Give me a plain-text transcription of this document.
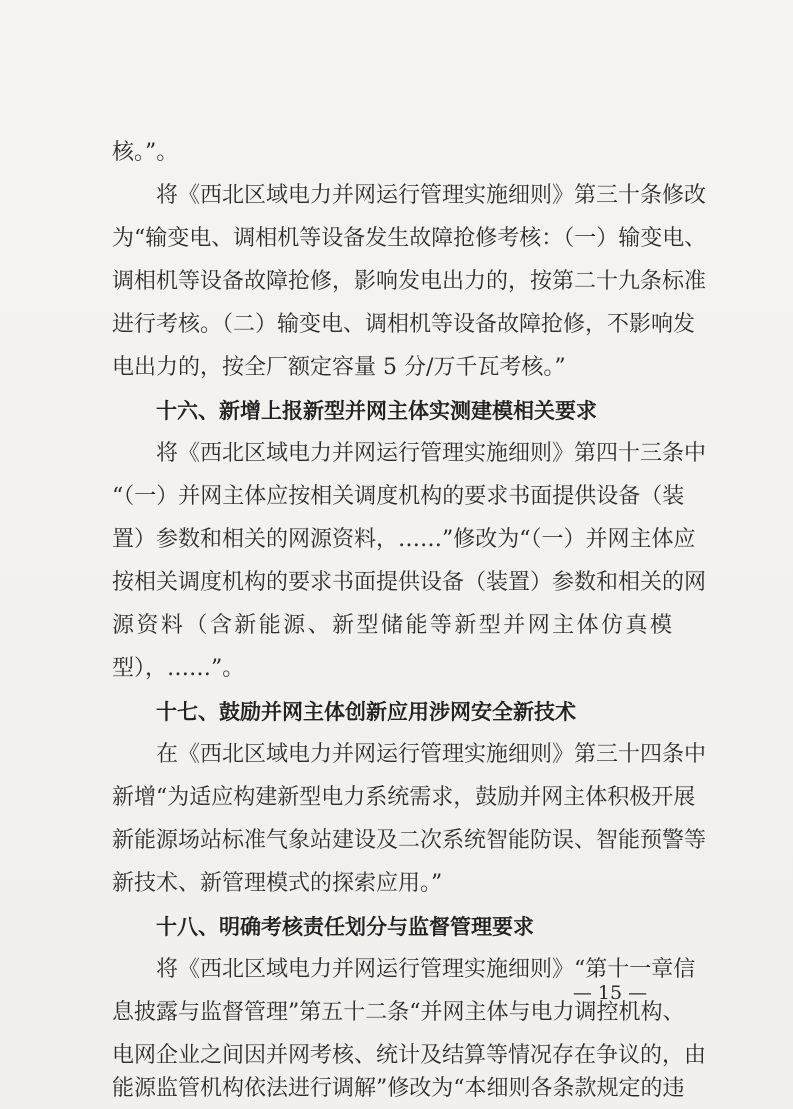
核。”。
将《西北区域电力并网运行管理实施细则》第三十条修改
为“输变电、调相机等设备发生故障抢修考核：（一）输变电、
调相机等设备故障抢修，影响发电出力的，按第二十九条标准
进行考核。（二）输变电、调相机等设备故障抢修，不影响发
电出力的，按全厂额定容量 5 分/万千瓦考核。”
十六、新增上报新型并网主体实测建模相关要求
将《西北区域电力并网运行管理实施细则》第四十三条中
“（一）并网主体应按相关调度机构的要求书面提供设备（装
置）参数和相关的网源资料，……”修改为“（一）并网主体应
按相关调度机构的要求书面提供设备（装置）参数和相关的网
源资料（含新能源、新型储能等新型并网主体仿真模
型），……”。
十七、鼓励并网主体创新应用涉网安全新技术
在《西北区域电力并网运行管理实施细则》第三十四条中
新增“为适应构建新型电力系统需求，鼓励并网主体积极开展
新能源场站标准气象站建设及二次系统智能防误、智能预警等
新技术、新管理模式的探索应用。”
十八、明确考核责任划分与监督管理要求
将《西北区域电力并网运行管理实施细则》“第十一章信
息披露与监督管理”第五十二条“并网主体与电力调控机构、
电网企业之间因并网考核、统计及结算等情况存在争议的，由
能源监管机构依法进行调解”修改为“本细则各条款规定的违
— 15 —
